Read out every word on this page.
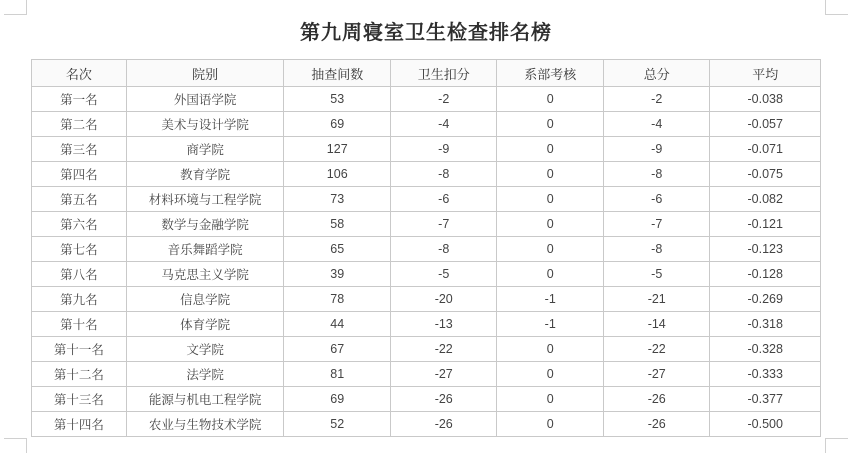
第九周寝室卫生检查排名榜
名次	院别	抽查间数	卫生扣分	系部考核	总分	平均
第一名	外国语学院	53	-2	0	-2	-0.038
第二名	美术与设计学院	69	-4	0	-4	-0.057
第三名	商学院	127	-9	0	-9	-0.071
第四名	教育学院	106	-8	0	-8	-0.075
第五名	材料环境与工程学院	73	-6	0	-6	-0.082
第六名	数学与金融学院	58	-7	0	-7	-0.121
第七名	音乐舞蹈学院	65	-8	0	-8	-0.123
第八名	马克思主义学院	39	-5	0	-5	-0.128
第九名	信息学院	78	-20	-1	-21	-0.269
第十名	体育学院	44	-13	-1	-14	-0.318
第十一名	文学院	67	-22	0	-22	-0.328
第十二名	法学院	81	-27	0	-27	-0.333
第十三名	能源与机电工程学院	69	-26	0	-26	-0.377
第十四名	农业与生物技术学院	52	-26	0	-26	-0.500
